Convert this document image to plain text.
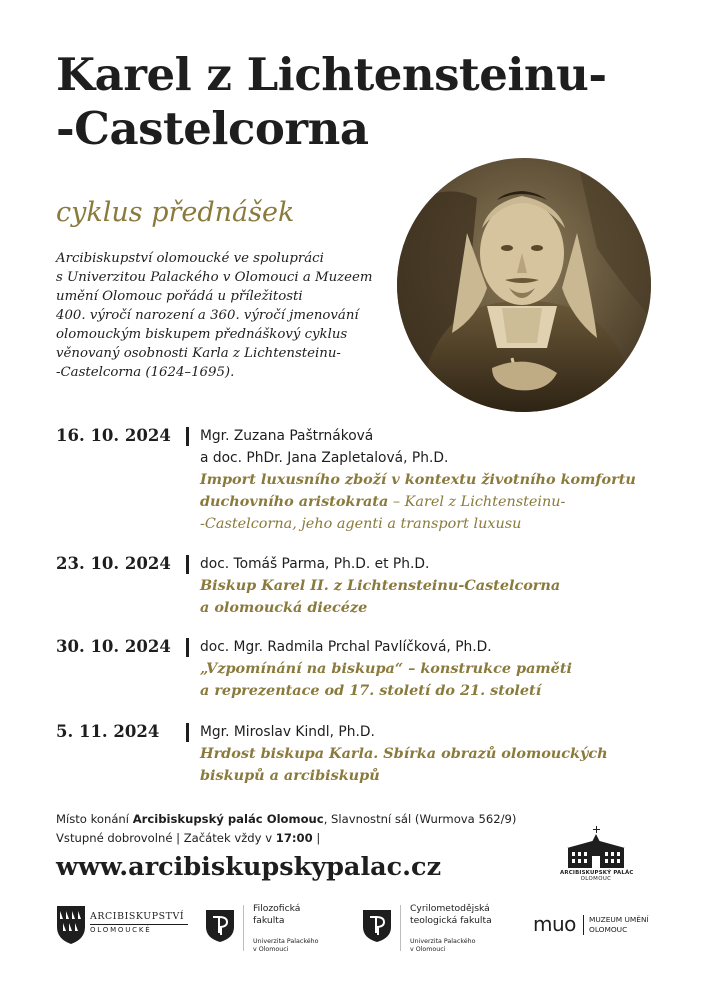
Karel z Lichtensteinu-
-Castelcorna
cyklus přednášek
Arcibiskupství olomoucké ve spolupráci
s Univerzitou Palackého v Olomouci a Muzeem
umění Olomouc pořádá u příležitosti
400. výročí narození a 360. výročí jmenování
olomouckým biskupem přednáškový cyklus
věnovaný osobnosti Karla z Lichtensteinu-
-Castelcorna (1624–1695).
16. 10. 2024	Mgr. Zuzana Paštrnáková
a doc. PhDr. Jana Zapletalová, Ph.D.
Import luxusního zboží v kontextu životního komfortu
duchovního aristokrata – Karel z Lichtensteinu-
-Castelcorna, jeho agenti a transport luxusu
23. 10. 2024	doc. Tomáš Parma, Ph.D. et Ph.D.
Biskup Karel II. z Lichtensteinu-Castelcorna
a olomoucká diecéze
30. 10. 2024	doc. Mgr. Radmila Prchal Pavlíčková, Ph.D.
„Vzpomínání na biskupa“ – konstrukce paměti
a reprezentace od 17. století do 21. století
5. 11. 2024	Mgr. Miroslav Kindl, Ph.D.
Hrdost biskupa Karla. Sbírka obrazů olomouckých
biskupů a arcibiskupů
Místo konání Arcibiskupský palác Olomouc, Slavnostní sál (Wurmova 562/9)
Vstupné dobrovolné | Začátek vždy v 17:00 |
www.arcibiskupskypalac.cz	ARCIBISKUPSKÝ PALÁC
OLOMOUC
ARCIBISKUPSTVÍ
OLOMOUCKÉ
Filozofická
fakulta
Univerzita Palackého
v Olomouci
Cyrilometodějská
teologická fakulta
Univerzita Palackého
v Olomouci
muo MUZEUM UMĚNÍ
OLOMOUC
